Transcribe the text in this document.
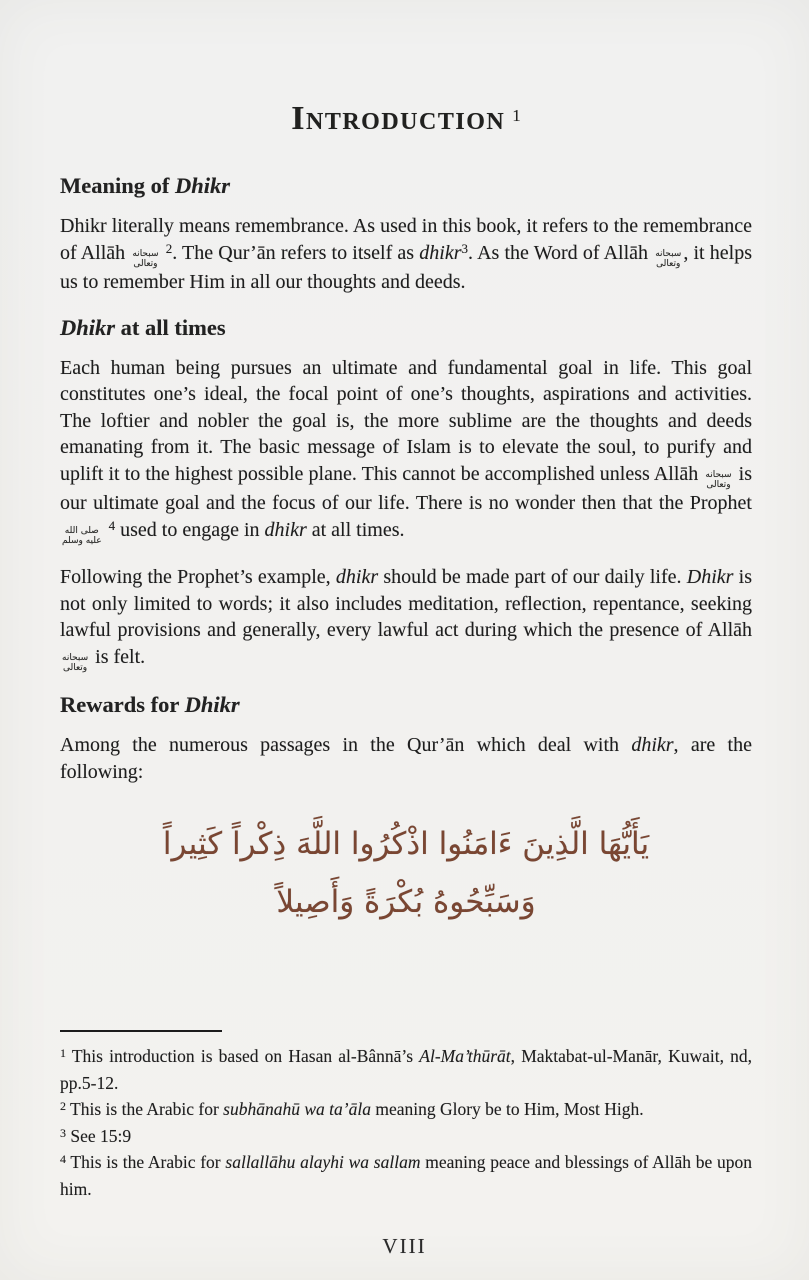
Introduction $^1$
Meaning of Dhikr

Dhikr literally means remembrance. As used in this book, it refers to the remembrance of Allāh سبحانه
وتعالى
$^2$. The Qur’ān refers to itself as dhikr$^3$. As the Word of Allāh سبحانه
وتعالى , it helps us to remember Him in all our thoughts and deeds.

Dhikr at all times

Each human being pursues an ultimate and fundamental goal in life. This goal constitutes one’s ideal, the focal point of one’s thoughts, aspirations and activities. The loftier and nobler the goal is, the more sublime are the thoughts and deeds emanating from it. The basic message of Islam is to elevate the soul, to purify and uplift it to the highest possible plane. This cannot be accomplished unless Allāh سبحانه
وتعالى is our ultimate goal and the focus of our life. There is no wonder then that the Prophet
صلى الله
عليه وسلم
$^4$ used to engage in dhikr at all times.

Following the Prophet’s example, dhikr should be made part of our daily life. Dhikr is not only limited to words; it also includes meditation, reflection, repentance, seeking lawful provisions and generally, every lawful act during which the presence of Allāh
سبحانه
وتعالى is felt.

Rewards for Dhikr

Among the numerous passages in the Qur’ān which deal with dhikr, are the following:

يَأَيُّهَا الَّذِينَ ءَامَنُوا اذْكُرُوا اللَّهَ ذِكْراً كَثِيراً
وَسَبِّحُوهُ بُكْرَةً وَأَصِيلاً

$^1$ This introduction is based on Hasan al-Bânnā’s Al-Ma’thūrāt, Maktabat-ul-Manār, Kuwait, nd, pp.5-12.

$^2$ This is the Arabic for subhānahū wa ta’āla meaning Glory be to Him, Most High.

$^3$ See 15:9

$^4$ This is the Arabic for sallallāhu alayhi wa sallam meaning peace and blessings of Allāh be upon him.

VIII
